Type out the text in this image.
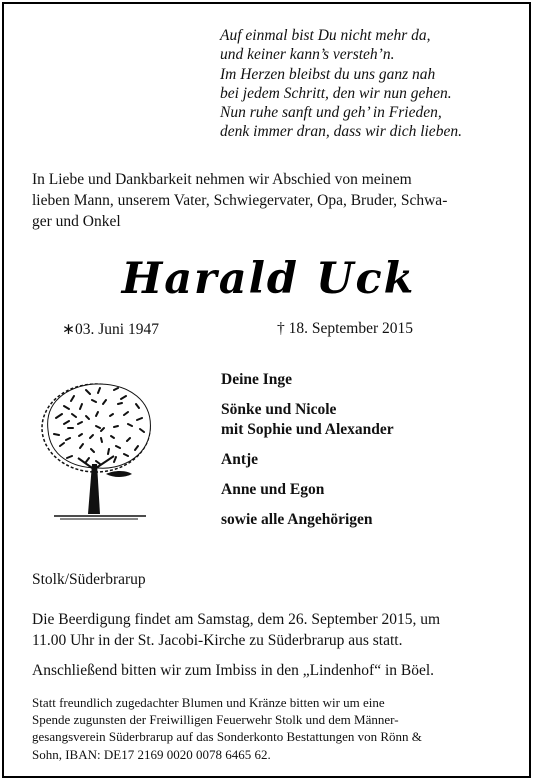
Auf einmal bist Du nicht mehr da,
und keiner kann’s versteh’n.
Im Herzen bleibst du uns ganz nah
bei jedem Schritt, den wir nun gehen.
Nun ruhe sanft und geh’ in Frieden,
denk immer dran, dass wir dich lieben.
In Liebe und Dankbarkeit nehmen wir Abschied von meinem
lieben Mann, unserem Vater, Schwiegervater, Opa, Bruder, Schwa-
ger und Onkel
Harald Uck
∗03. Juni 1947	† 18. September 2015
Deine Inge
Sönke und Nicole
mit Sophie und Alexander
Antje
Anne und Egon
sowie alle Angehörigen
Stolk/Süderbrarup
Die Beerdigung findet am Samstag, dem 26. September 2015, um
11.00 Uhr in der St. Jacobi-Kirche zu Süderbrarup aus statt.
Anschließend bitten wir zum Imbiss in den „Lindenhof“ in Böel.
Statt freundlich zugedachter Blumen und Kränze bitten wir um eine
Spende zugunsten der Freiwilligen Feuerwehr Stolk und dem Männer-
gesangsverein Süderbrarup auf das Sonderkonto Bestattungen von Rönn &
Sohn, IBAN: DE17 2169 0020 0078 6465 62.
